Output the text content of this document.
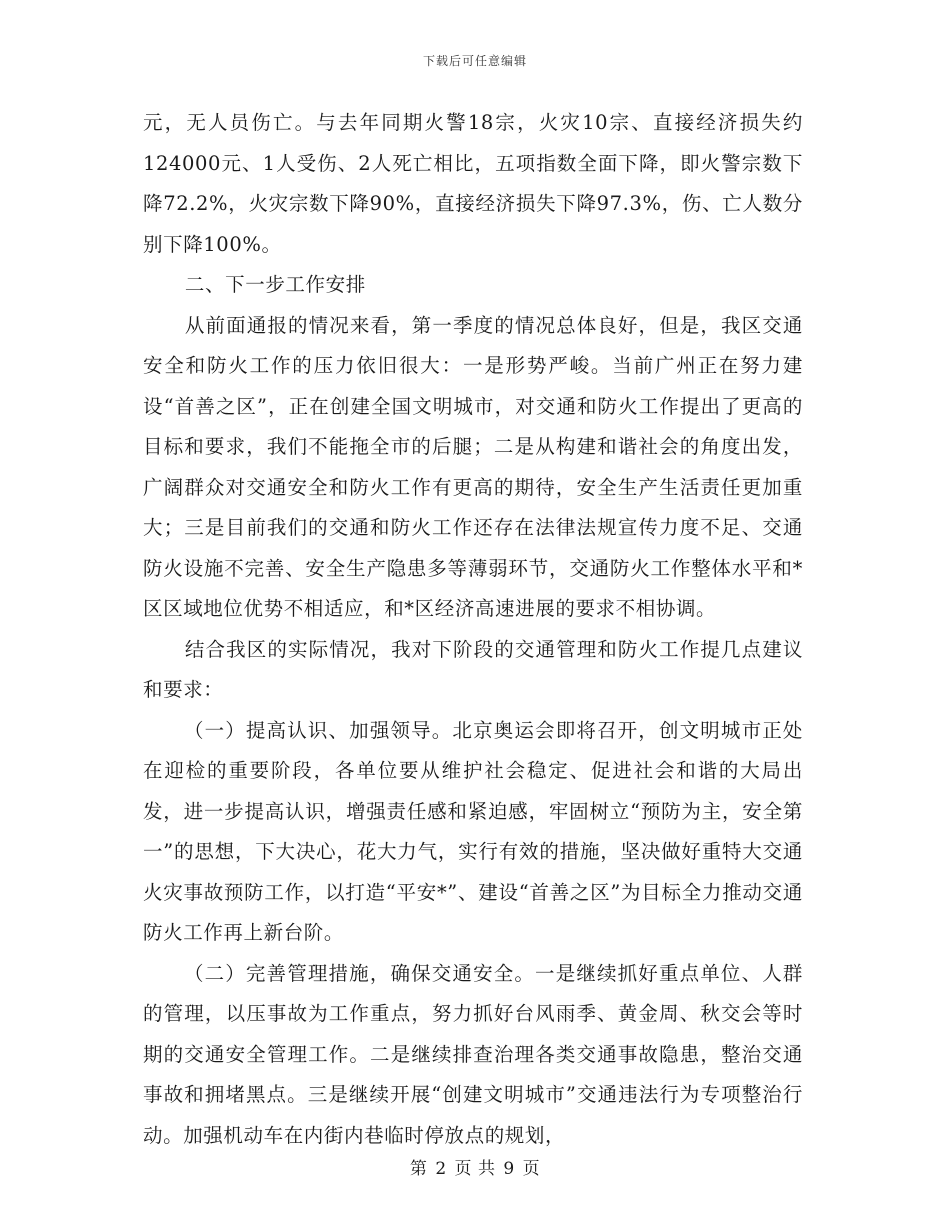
下载后可任意编辑

元，无人员伤亡。与去年同期火警18宗，火灾10宗、直接经济损失约124000元、1人受伤、2人死亡相比，五项指数全面下降，即火警宗数下降72.2%，火灾宗数下降90%，直接经济损失下降97.3%，伤、亡人数分别下降100%。

二、下一步工作安排

从前面通报的情况来看，第一季度的情况总体良好，但是，我区交通安全和防火工作的压力依旧很大：一是形势严峻。当前广州正在努力建设“首善之区”，正在创建全国文明城市，对交通和防火工作提出了更高的目标和要求，我们不能拖全市的后腿；二是从构建和谐社会的角度出发，广阔群众对交通安全和防火工作有更高的期待，安全生产生活责任更加重大；三是目前我们的交通和防火工作还存在法律法规宣传力度不足、交通防火设施不完善、安全生产隐患多等薄弱环节，交通防火工作整体水平和*区区域地位优势不相适应，和*区经济高速进展的要求不相协调。

结合我区的实际情况，我对下阶段的交通管理和防火工作提几点建议和要求：

（一）提高认识、加强领导。北京奥运会即将召开，创文明城市正处在迎检的重要阶段，各单位要从维护社会稳定、促进社会和谐的大局出发，进一步提高认识，增强责任感和紧迫感，牢固树立“预防为主，安全第一”的思想，下大决心，花大力气，实行有效的措施，坚决做好重特大交通火灾事故预防工作，以打造“平安*”、建设“首善之区”为目标全力推动交通防火工作再上新台阶。

（二）完善管理措施，确保交通安全。一是继续抓好重点单位、人群的管理，以压事故为工作重点，努力抓好台风雨季、黄金周、秋交会等时期的交通安全管理工作。二是继续排查治理各类交通事故隐患，整治交通事故和拥堵黑点。三是继续开展“创建文明城市”交通违法行为专项整治行动。加强机动车在内街内巷临时停放点的规划，

第 2 页 共 9 页
